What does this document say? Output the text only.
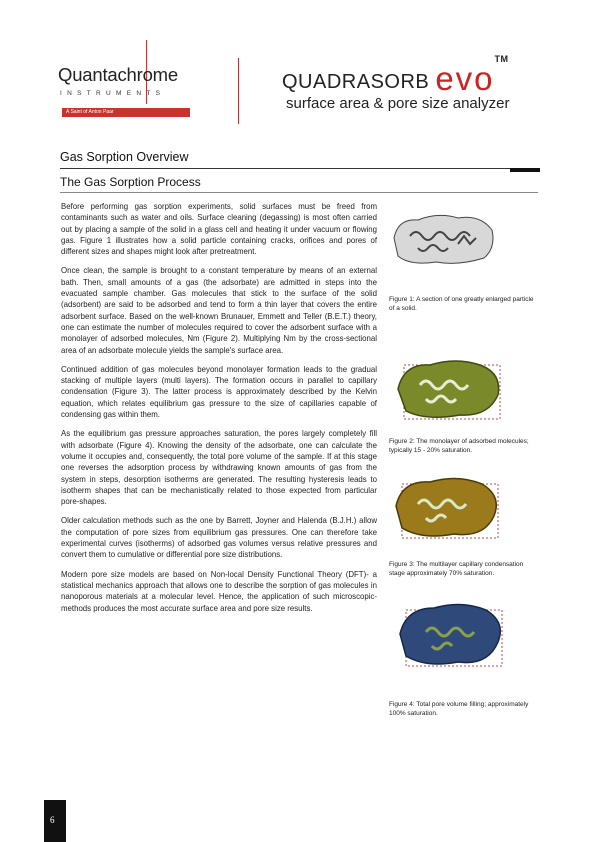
Quantachrome
INSTRUMENTS
A Saint of Anton Paar
QUADRASORB evo™
surface area & pore size analyzer
Gas Sorption Overview
The Gas Sorption Process

Before performing gas sorption experiments, solid surfaces must be freed from contaminants such as water and oils. Surface cleaning (degassing) is most often carried out by placing a sample of the solid in a glass cell and heating it under vacuum or flowing gas. Figure 1 illustrates how a solid particle containing cracks, orifices and pores of different sizes and shapes might look after pretreatment.

Once clean, the sample is brought to a constant temperature by means of an external bath. Then, small amounts of a gas (the adsorbate) are admitted in steps into the evacuated sample chamber. Gas molecules that stick to the surface of the solid (adsorbent) are said to be adsorbed and tend to form a thin layer that covers the entire adsorbent surface. Based on the well-known Brunauer, Emmett and Teller (B.E.T.) theory, one can estimate the number of molecules required to cover the adsorbent surface with a monolayer of adsorbed molecules, Nm (Figure 2). Multiplying Nm by the cross-sectional area of an adsorbate molecule yields the sample's surface area.

Continued addition of gas molecules beyond monolayer formation leads to the gradual stacking of multiple layers (multi layers). The formation occurs in parallel to capillary condensation (Figure 3). The latter process is approximately described by the Kelvin equation, which relates equilibrium gas pressure to the size of capillaries capable of condensing gas within them.

As the equilibrium gas pressure approaches saturation, the pores largely completely fill with adsorbate (Figure 4). Knowing the density of the adsorbate, one can calculate the volume it occupies and, consequently, the total pore volume of the sample. If at this stage one reverses the adsorption process by withdrawing known amounts of gas from the system in steps, desorption isotherms are generated. The resulting hysteresis leads to isotherm shapes that can be mechanistically related to those expected from particular pore-shapes.

Older calculation methods such as the one by Barrett, Joyner and Halenda (B.J.H.) allow the computation of pore sizes from equilibrium gas pressures. One can therefore take experimental curves (isotherms) of adsorbed gas volumes versus relative pressures and convert them to cumulative or differential pore size distributions.

Modern pore size models are based on Non-local Density Functional Theory (DFT)- a statistical mechanics approach that allows one to describe the sorption of gas molecules in nanoporous materials at a molecular level. Hence, the application of such microscopic-methods produces the most accurate surface area and pore size results.

Figure 1: A section of one greatly enlarged particle of a solid.
Figure 2: The monolayer of adsorbed molecules; typically 15 - 20% saturation.
Figure 3: The multilayer capillary condensation stage approximately 70% saturation.
Figure 4: Total pore volume filling; approximately 100% saturation.
6
